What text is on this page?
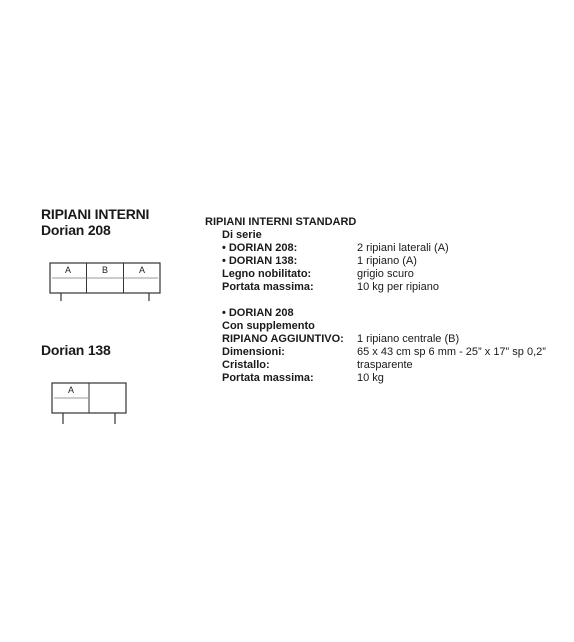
RIPIANI INTERNI
Dorian 208
A	B	A
Dorian 138
A
RIPIANI INTERNI STANDARD
Di serie
• DORIAN 208:	2 ripiani laterali (A)
• DORIAN 138:	1 ripiano (A)
Legno nobilitato:	grigio scuro
Portata massima:	10 kg per ripiano
• DORIAN 208
Con supplemento
RIPIANO AGGIUNTIVO: 1 ripiano centrale (B)
Dimensioni:	65 x 43 cm sp 6 mm - 25” x 17” sp 0,2”
Cristallo:	trasparente
Portata massima:	10 kg
